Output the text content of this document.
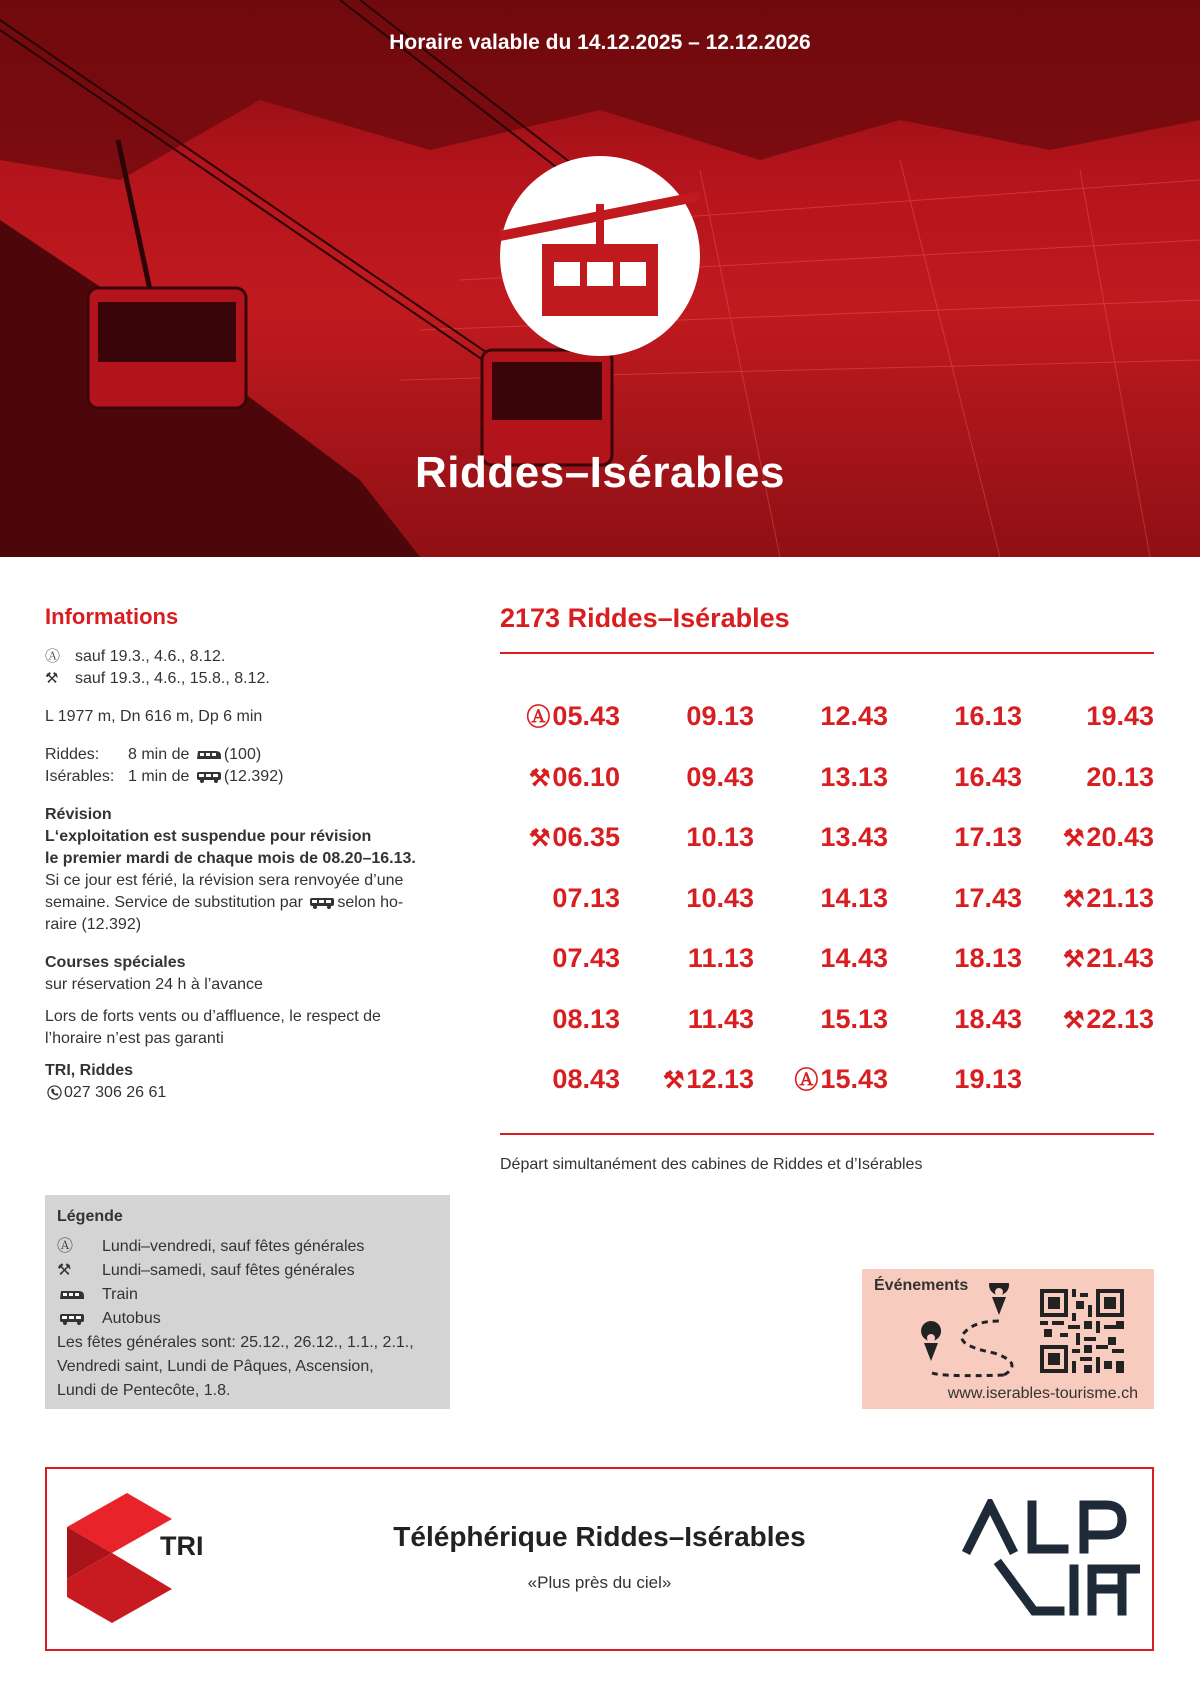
Horaire valable du 14.12.2025 – 12.12.2026
Riddes–Isérables
Informations
Ⓐ sauf 19.3., 4.6., 8.12.
⚒ sauf 19.3., 4.6., 15.8., 8.12.
L 1977 m, Dn 616 m, Dp 6 min
Riddes: 8 min de (100)
Isérables: 1 min de (12.392)
Révision
L‘exploitation est suspendue pour révision
le premier mardi de chaque mois de 08.20–16.13.
Si ce jour est férié, la révision sera renvoyée d’une
semaine. Service de substitution par selon ho-
raire (12.392)
Courses spéciales
sur réservation 24 h à l’avance
Lors de forts vents ou d’affluence, le respect de
l’horaire n’est pas garanti
TRI, Riddes
027 306 26 61
Légende
Ⓐ Lundi–vendredi, sauf fêtes générales
⚒ Lundi–samedi, sauf fêtes générales
Train
Autobus
Les fêtes générales sont: 25.12., 26.12., 1.1., 2.1.,
Vendredi saint, Lundi de Pâques, Ascension,
Lundi de Pentecôte, 1.8.
2173 Riddes–Isérables
Ⓐ05.43	09.13	12.43	16.13	19.43
⚒06.10	09.43	13.13	16.43	20.13
⚒06.35	10.13	13.43	17.13	⚒20.43
07.13	10.43	14.13	17.43	⚒21.13
07.43	11.13	14.43	18.13	⚒21.43
08.13	11.43	15.13	18.43	⚒22.13
08.43	⚒12.13	Ⓐ15.43	19.13
Départ simultanément des cabines de Riddes et d’Isérables
Événements
www.iserables-tourisme.ch
TRI	Téléphérique Riddes–Isérables
«Plus près du ciel»
